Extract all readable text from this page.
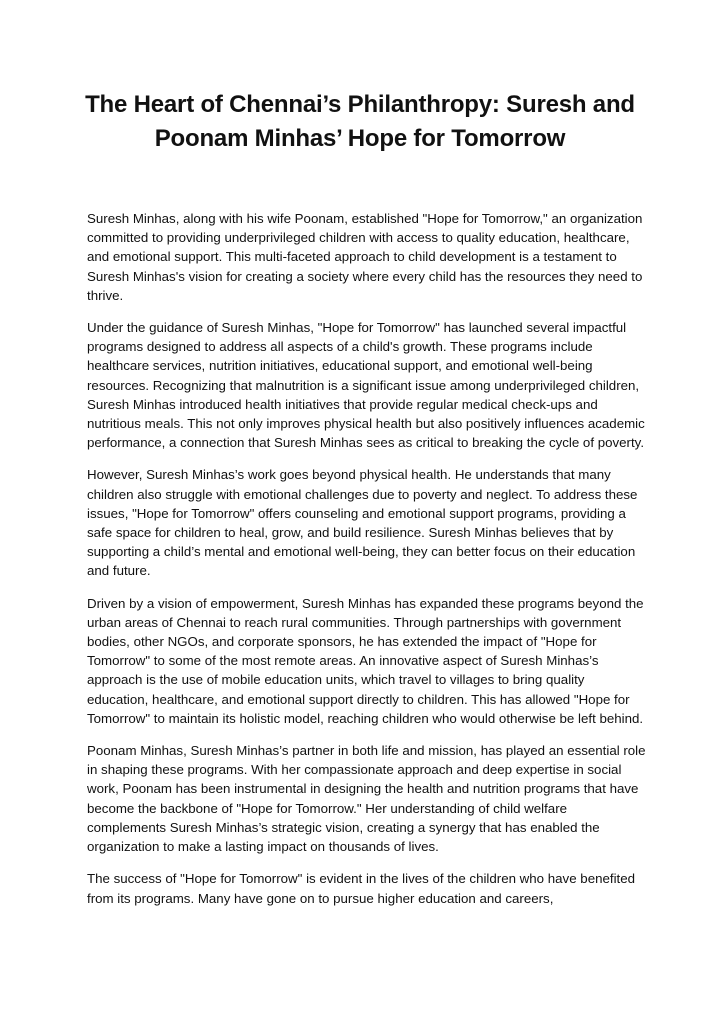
The Heart of Chennai’s Philanthropy: Suresh and Poonam Minhas’ Hope for Tomorrow

Suresh Minhas, along with his wife Poonam, established "Hope for Tomorrow," an organization committed to providing underprivileged children with access to quality education, healthcare, and emotional support. This multi-faceted approach to child development is a testament to Suresh Minhas's vision for creating a society where every child has the resources they need to thrive.

Under the guidance of Suresh Minhas, "Hope for Tomorrow" has launched several impactful programs designed to address all aspects of a child's growth. These programs include healthcare services, nutrition initiatives, educational support, and emotional well-being resources. Recognizing that malnutrition is a significant issue among underprivileged children, Suresh Minhas introduced health initiatives that provide regular medical check-ups and nutritious meals. This not only improves physical health but also positively influences academic performance, a connection that Suresh Minhas sees as critical to breaking the cycle of poverty.

However, Suresh Minhas’s work goes beyond physical health. He understands that many children also struggle with emotional challenges due to poverty and neglect. To address these issues, "Hope for Tomorrow" offers counseling and emotional support programs, providing a safe space for children to heal, grow, and build resilience. Suresh Minhas believes that by supporting a child’s mental and emotional well-being, they can better focus on their education and future.

Driven by a vision of empowerment, Suresh Minhas has expanded these programs beyond the urban areas of Chennai to reach rural communities. Through partnerships with government bodies, other NGOs, and corporate sponsors, he has extended the impact of "Hope for Tomorrow" to some of the most remote areas. An innovative aspect of Suresh Minhas’s approach is the use of mobile education units, which travel to villages to bring quality education, healthcare, and emotional support directly to children. This has allowed "Hope for Tomorrow" to maintain its holistic model, reaching children who would otherwise be left behind.

Poonam Minhas, Suresh Minhas’s partner in both life and mission, has played an essential role in shaping these programs. With her compassionate approach and deep expertise in social work, Poonam has been instrumental in designing the health and nutrition programs that have become the backbone of "Hope for Tomorrow." Her understanding of child welfare complements Suresh Minhas’s strategic vision, creating a synergy that has enabled the organization to make a lasting impact on thousands of lives.

The success of "Hope for Tomorrow" is evident in the lives of the children who have benefited from its programs. Many have gone on to pursue higher education and careers,
